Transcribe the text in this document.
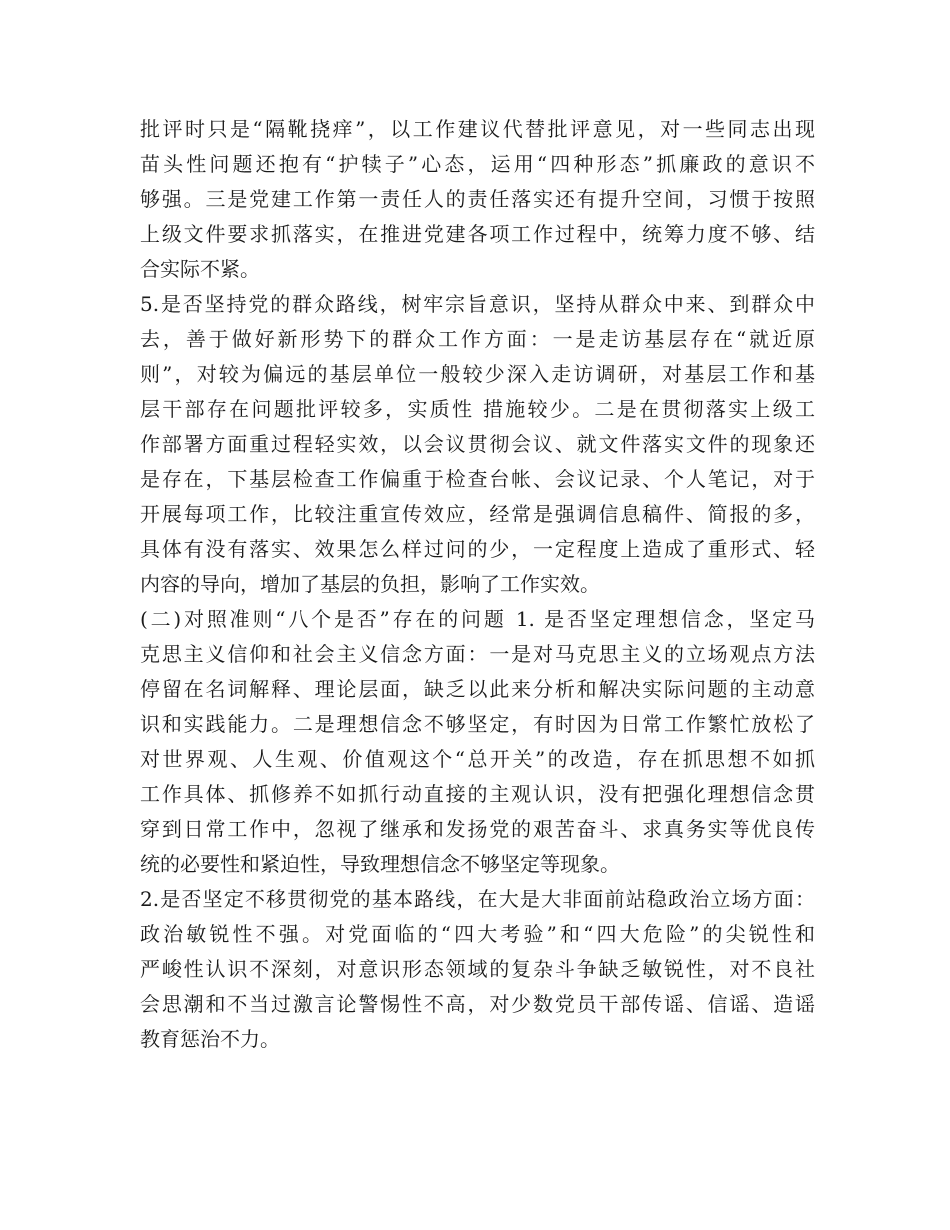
批评时只是“隔靴挠痒”，以工作建议代替批评意见，对一些同志出现
苗头性问题还抱有“护犊子”心态，运用“四种形态”抓廉政的意识不
够强。三是党建工作第一责任人的责任落实还有提升空间，习惯于按照
上级文件要求抓落实，在推进党建各项工作过程中，统筹力度不够、结
合实际不紧。
5.是否坚持党的群众路线，树牢宗旨意识，坚持从群众中来、到群众中
去，善于做好新形势下的群众工作方面：一是走访基层存在“就近原
则”，对较为偏远的基层单位一般较少深入走访调研，对基层工作和基
层干部存在问题批评较多，实质性 措施较少。二是在贯彻落实上级工
作部署方面重过程轻实效，以会议贯彻会议、就文件落实文件的现象还
是存在，下基层检查工作偏重于检查台帐、会议记录、个人笔记，对于
开展每项工作，比较注重宣传效应，经常是强调信息稿件、简报的多，
具体有没有落实、效果怎么样过问的少，一定程度上造成了重形式、轻
内容的导向，增加了基层的负担，影响了工作实效。
(二)对照准则“八个是否”存在的问题 1. 是否坚定理想信念，坚定马
克思主义信仰和社会主义信念方面：一是对马克思主义的立场观点方法
停留在名词解释、理论层面，缺乏以此来分析和解决实际问题的主动意
识和实践能力。二是理想信念不够坚定，有时因为日常工作繁忙放松了
对世界观、人生观、价值观这个“总开关”的改造，存在抓思想不如抓
工作具体、抓修养不如抓行动直接的主观认识，没有把强化理想信念贯
穿到日常工作中，忽视了继承和发扬党的艰苦奋斗、求真务实等优良传
统的必要性和紧迫性，导致理想信念不够坚定等现象。
2.是否坚定不移贯彻党的基本路线，在大是大非面前站稳政治立场方面：
政治敏锐性不强。对党面临的“四大考验”和“四大危险”的尖锐性和
严峻性认识不深刻，对意识形态领域的复杂斗争缺乏敏锐性，对不良社
会思潮和不当过激言论警惕性不高，对少数党员干部传谣、信谣、造谣
教育惩治不力。
